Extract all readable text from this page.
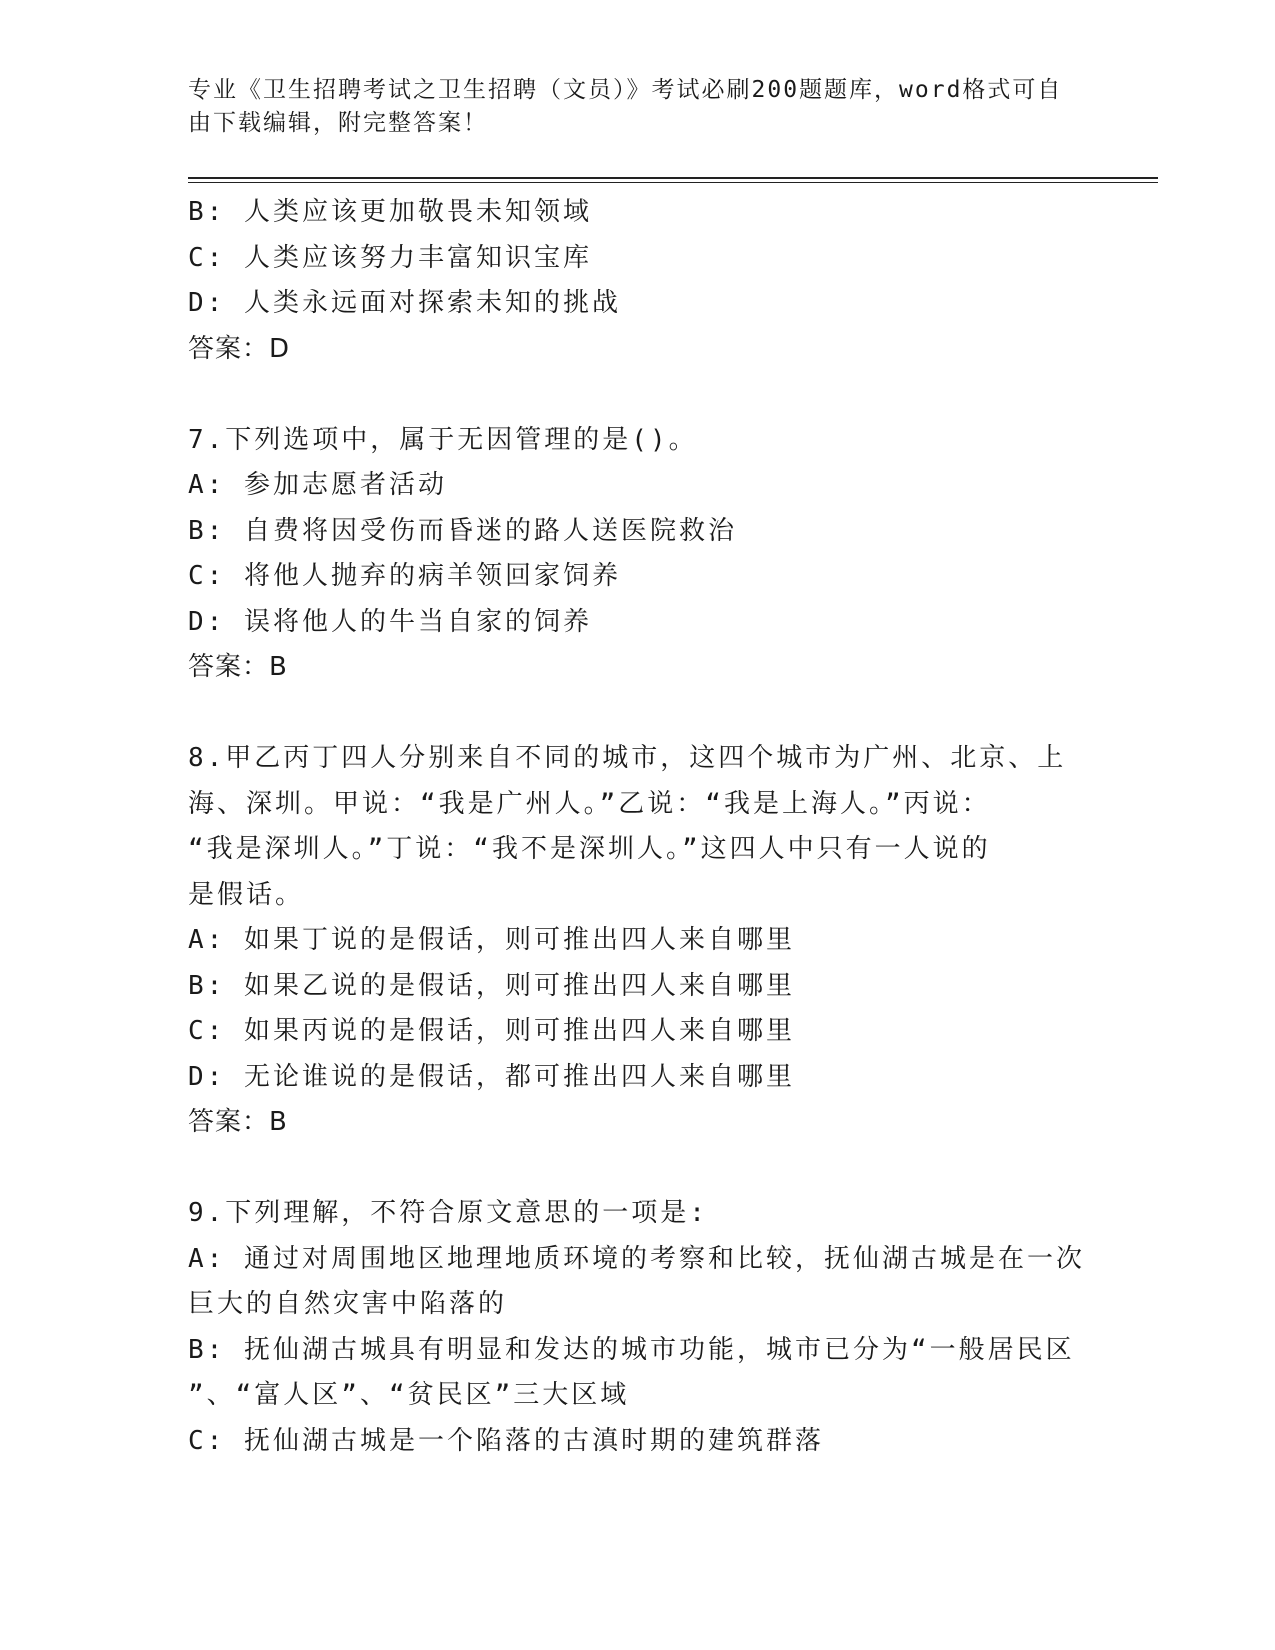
专业《卫生招聘考试之卫生招聘（文员）》考试必刷200题题库，word格式可自由下载编辑，附完整答案！

B: 人类应该更加敬畏未知领域

C: 人类应该努力丰富知识宝库

D: 人类永远面对探索未知的挑战

答案：D

7.下列选项中，属于无因管理的是()。

A: 参加志愿者活动

B: 自费将因受伤而昏迷的路人送医院救治

C: 将他人抛弃的病羊领回家饲养

D: 误将他人的牛当自家的饲养

答案：B

8.甲乙丙丁四人分别来自不同的城市，这四个城市为广州、北京、上

海、深圳。甲说：“我是广州人。”乙说：“我是上海人。”丙说：

“我是深圳人。”丁说：“我不是深圳人。”这四人中只有一人说的

是假话。

A: 如果丁说的是假话，则可推出四人来自哪里

B: 如果乙说的是假话，则可推出四人来自哪里

C: 如果丙说的是假话，则可推出四人来自哪里

D: 无论谁说的是假话，都可推出四人来自哪里

答案：B

9.下列理解，不符合原文意思的一项是:

A: 通过对周围地区地理地质环境的考察和比较，抚仙湖古城是在一次

巨大的自然灾害中陷落的

B: 抚仙湖古城具有明显和发达的城市功能，城市已分为“一般居民区

”、“富人区”、“贫民区”三大区域

C: 抚仙湖古城是一个陷落的古滇时期的建筑群落
